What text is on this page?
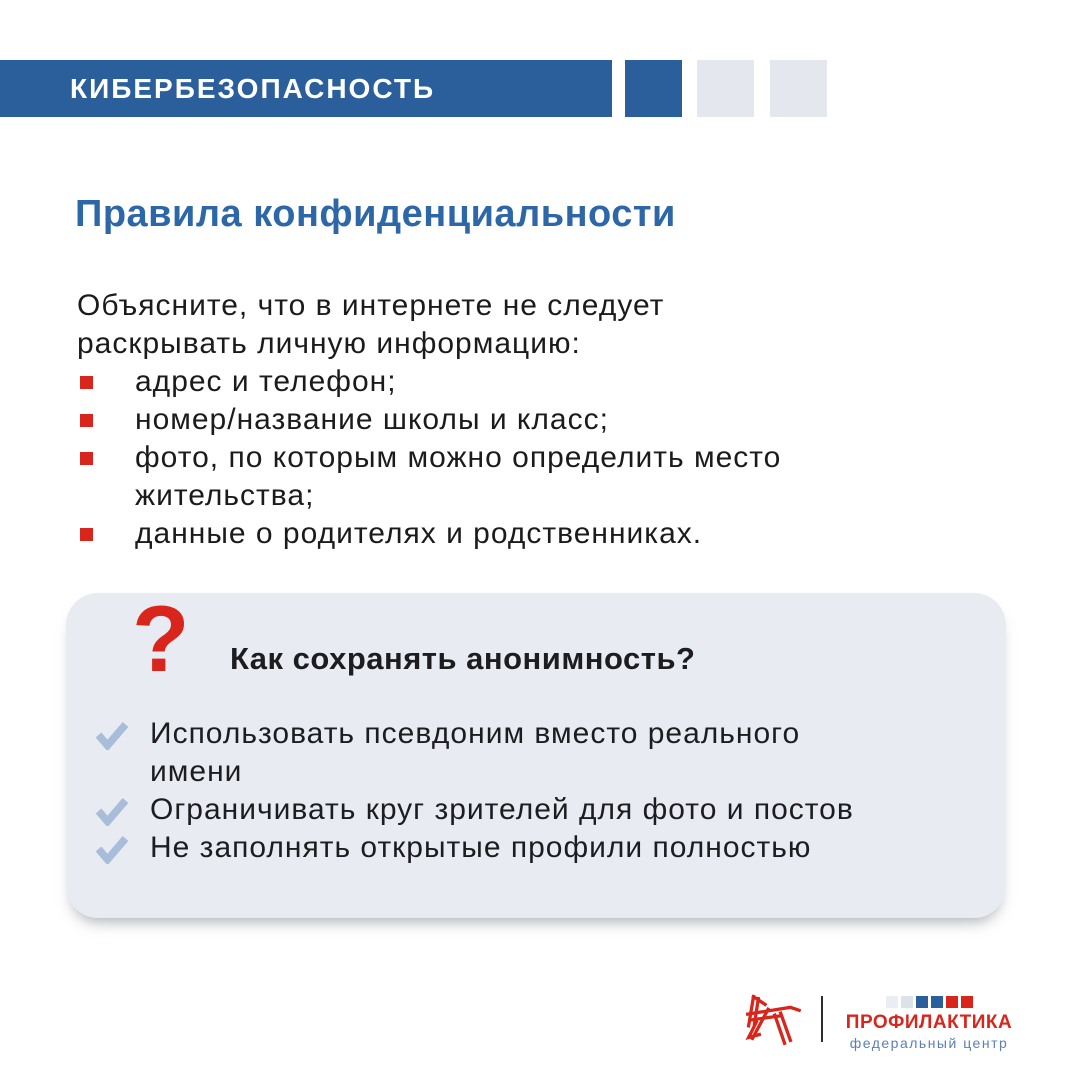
КИБЕРБЕЗОПАСНОСТЬ
Правила конфиденциальности
Объясните, что в интернете не следует
раскрывать личную информацию:
адрес и телефон;
номер/название школы и класс;
фото, по которым можно определить место
жительства;
данные о родителях и родственниках.
? Как сохранять анонимность?
Использовать псевдоним вместо реального
имени
Ограничивать круг зрителей для фото и постов
Не заполнять открытые профили полностью
ПРОФИЛАКТИКА
федеральный центр
